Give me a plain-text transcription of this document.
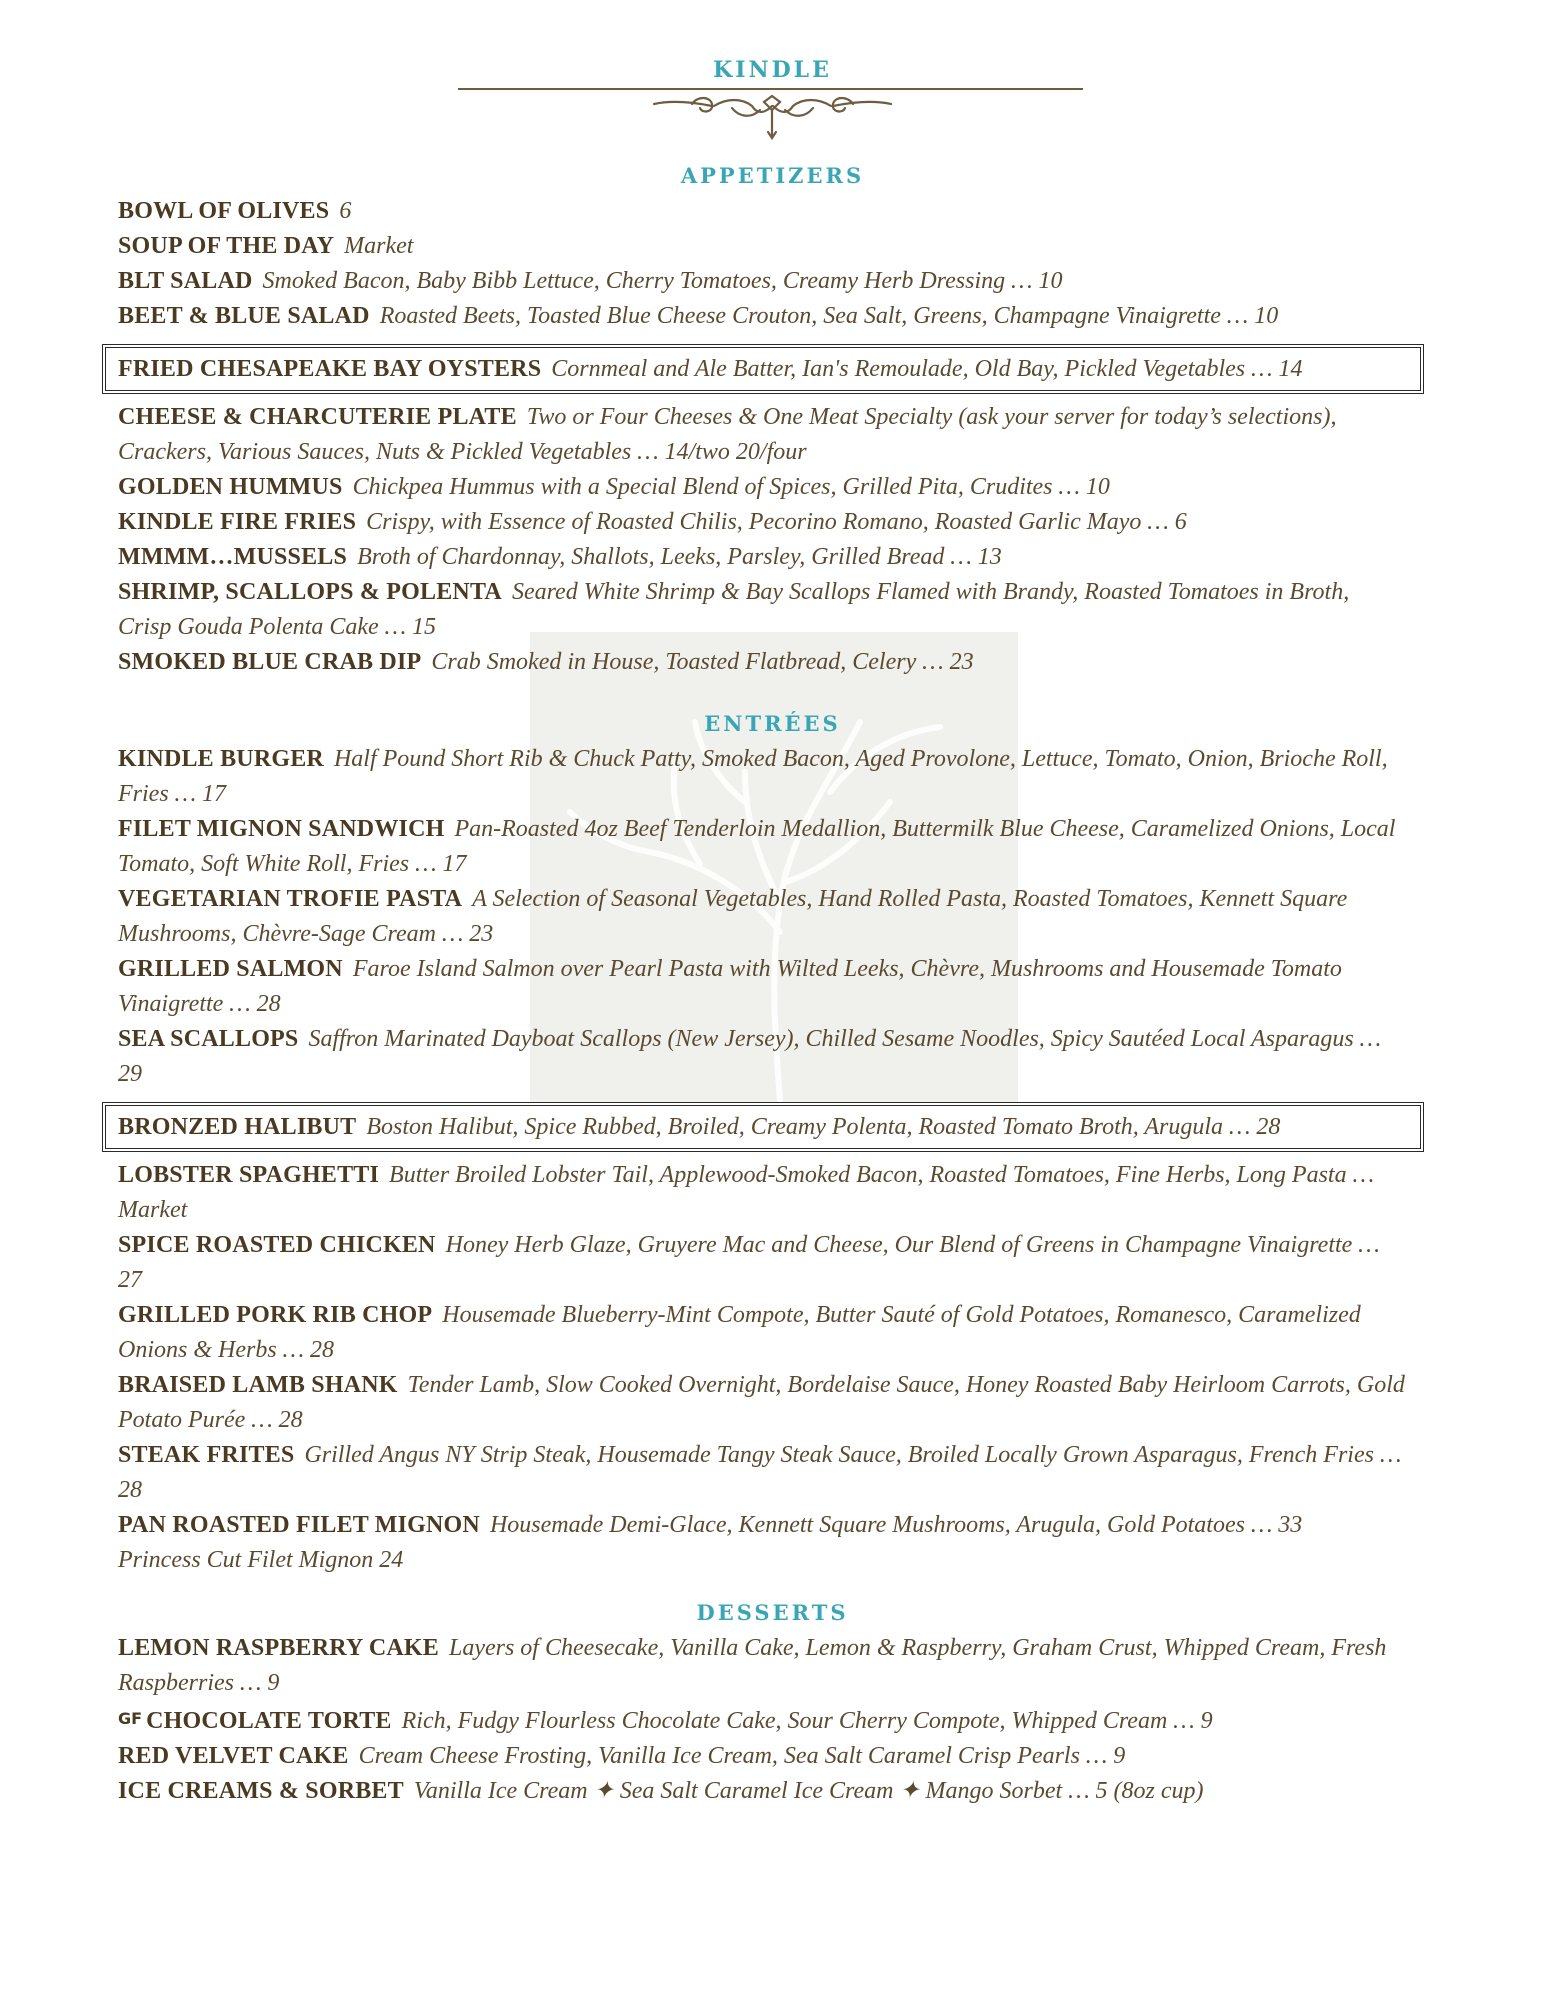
KINDLE
APPETIZERS

BOWL OF OLIVES 6

SOUP OF THE DAY Market

BLT SALAD Smoked Bacon, Baby Bibb Lettuce, Cherry Tomatoes, Creamy Herb Dressing … 10

BEET & BLUE SALAD Roasted Beets, Toasted Blue Cheese Crouton, Sea Salt, Greens, Champagne Vinaigrette … 10

FRIED CHESAPEAKE BAY OYSTERS Cornmeal and Ale Batter, Ian's Remoulade, Old Bay, Pickled Vegetables … 14

CHEESE & CHARCUTERIE PLATE Two or Four Cheeses & One Meat Specialty (ask your server for today’s selections), Crackers, Various Sauces, Nuts & Pickled Vegetables … 14/two 20/four

GOLDEN HUMMUS Chickpea Hummus with a Special Blend of Spices, Grilled Pita, Crudites … 10

KINDLE FIRE FRIES Crispy, with Essence of Roasted Chilis, Pecorino Romano, Roasted Garlic Mayo … 6

MMMM…MUSSELS Broth of Chardonnay, Shallots, Leeks, Parsley, Grilled Bread … 13

SHRIMP, SCALLOPS & POLENTA Seared White Shrimp & Bay Scallops Flamed with Brandy, Roasted Tomatoes in Broth, Crisp Gouda Polenta Cake … 15

SMOKED BLUE CRAB DIP Crab Smoked in House, Toasted Flatbread, Celery … 23

ENTRÉES

KINDLE BURGER Half Pound Short Rib & Chuck Patty, Smoked Bacon, Aged Provolone, Lettuce, Tomato, Onion, Brioche Roll, Fries … 17

FILET MIGNON SANDWICH Pan-Roasted 4oz Beef Tenderloin Medallion, Buttermilk Blue Cheese, Caramelized Onions, Local Tomato, Soft White Roll, Fries … 17

VEGETARIAN TROFIE PASTA A Selection of Seasonal Vegetables, Hand Rolled Pasta, Roasted Tomatoes, Kennett Square Mushrooms, Chèvre-Sage Cream … 23

GRILLED SALMON Faroe Island Salmon over Pearl Pasta with Wilted Leeks, Chèvre, Mushrooms and Housemade Tomato Vinaigrette … 28

SEA SCALLOPS Saffron Marinated Dayboat Scallops (New Jersey), Chilled Sesame Noodles, Spicy Sautéed Local Asparagus … 29

BRONZED HALIBUT Boston Halibut, Spice Rubbed, Broiled, Creamy Polenta, Roasted Tomato Broth, Arugula … 28

LOBSTER SPAGHETTI Butter Broiled Lobster Tail, Applewood-Smoked Bacon, Roasted Tomatoes, Fine Herbs, Long Pasta … Market

SPICE ROASTED CHICKEN Honey Herb Glaze, Gruyere Mac and Cheese, Our Blend of Greens in Champagne Vinaigrette … 27

GRILLED PORK RIB CHOP Housemade Blueberry-Mint Compote, Butter Sauté of Gold Potatoes, Romanesco, Caramelized Onions & Herbs … 28

BRAISED LAMB SHANK Tender Lamb, Slow Cooked Overnight, Bordelaise Sauce, Honey Roasted Baby Heirloom Carrots, Gold Potato Purée … 28

STEAK FRITES Grilled Angus NY Strip Steak, Housemade Tangy Steak Sauce, Broiled Locally Grown Asparagus, French Fries … 28

PAN ROASTED FILET MIGNON Housemade Demi-Glace, Kennett Square Mushrooms, Arugula, Gold Potatoes … 33
Princess Cut Filet Mignon 24

DESSERTS

LEMON RASPBERRY CAKE Layers of Cheesecake, Vanilla Cake, Lemon & Raspberry, Graham Crust, Whipped Cream, Fresh Raspberries … 9

GF CHOCOLATE TORTE Rich, Fudgy Flourless Chocolate Cake, Sour Cherry Compote, Whipped Cream … 9

RED VELVET CAKE Cream Cheese Frosting, Vanilla Ice Cream, Sea Salt Caramel Crisp Pearls … 9

ICE CREAMS & SORBET Vanilla Ice Cream ✦ Sea Salt Caramel Ice Cream ✦ Mango Sorbet … 5 (8oz cup)
